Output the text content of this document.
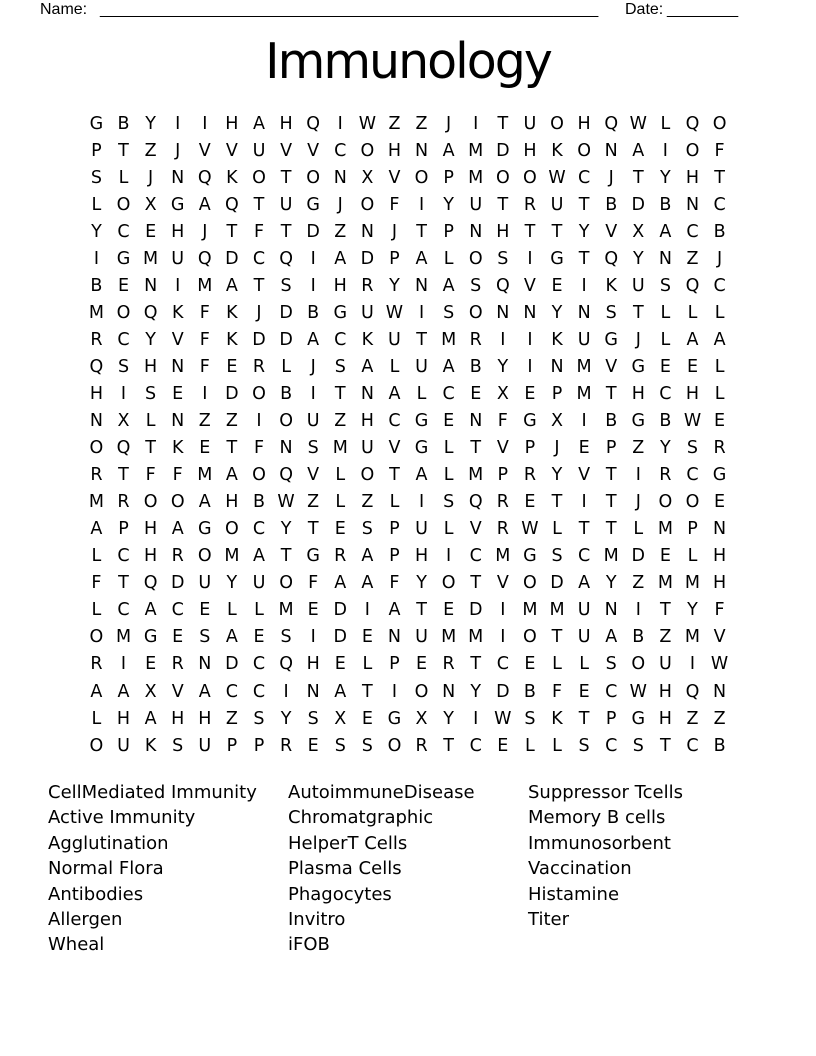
Name: ________________________________________________________ Date: ________
Immunology
G B Y	I	I	H A H Q	I W Z Z	J	I	T U O H Q W L Q O
P T Z	J	V V U V V C O H N A M D H K O N A	I	O F
S L	J	N Q K O T O N X V O P M O O W C	J	T Y H T
L O X G A Q T U G	J	O F	I	Y U T R U T B D B N C
Y C E H	J	T F T D Z N	J	T P N H T T Y V X A C B
I	G M U Q D C Q	I	A D P A L O S	I	G T Q Y N Z	J
B E N	I M A T S	I	H R Y N A S Q V E	I	K U S Q C
M O Q K F K	J	D B G U W I	S O N N Y N S T L L L
R C Y V F K D D A C K U T M R	I	I	K U G	J	L A A
Q S H N F E R L	J	S A L U A B Y	I	N M V G E E L
H	I	S E	I	D O B	I	T N A L C E X E P M T H C H L
N X L N Z Z	I	O U Z H C G E N F G X	I	B G B W E
O Q T K E T F N S M U V G L T V P	J	E P Z Y S R
R T F F M A O Q V L O T A L M P R Y V T	I	R C G
M R O O A H B W Z L Z L	I	S Q R E T	I	T	J	O O E
A P H A G O C Y T E S P U L V R W L T T L M P N
L C H R O M A T G R A P H	I	C M G S C M D E L H
F T Q D U Y U O F A A F Y O T V O D A Y Z M M H
L C A C E L L M E D	I	A T E D	I M M U N	I	T Y F
O M G E S A E S	I	D E N U M M I	O T U A B Z M V
R	I	E R N D C Q H E L P E R T C E L L S O U	I W
A A X V A C C	I	N A T	I	O N Y D B F E C W H Q N
L H A H H Z S Y S X E G X Y	I W S K T P G H Z Z
O U K S U P P R E S S O R T C E L L S C S T C B
CellMediated Immunity
Active Immunity
Agglutination
Normal Flora
Antibodies
Allergen
Wheal
AutoimmuneDisease
Chromatgraphic
HelperT Cells
Plasma Cells
Phagocytes
Invitro
iFOB
Suppressor Tcells
Memory B cells
Immunosorbent
Vaccination
Histamine
Titer
